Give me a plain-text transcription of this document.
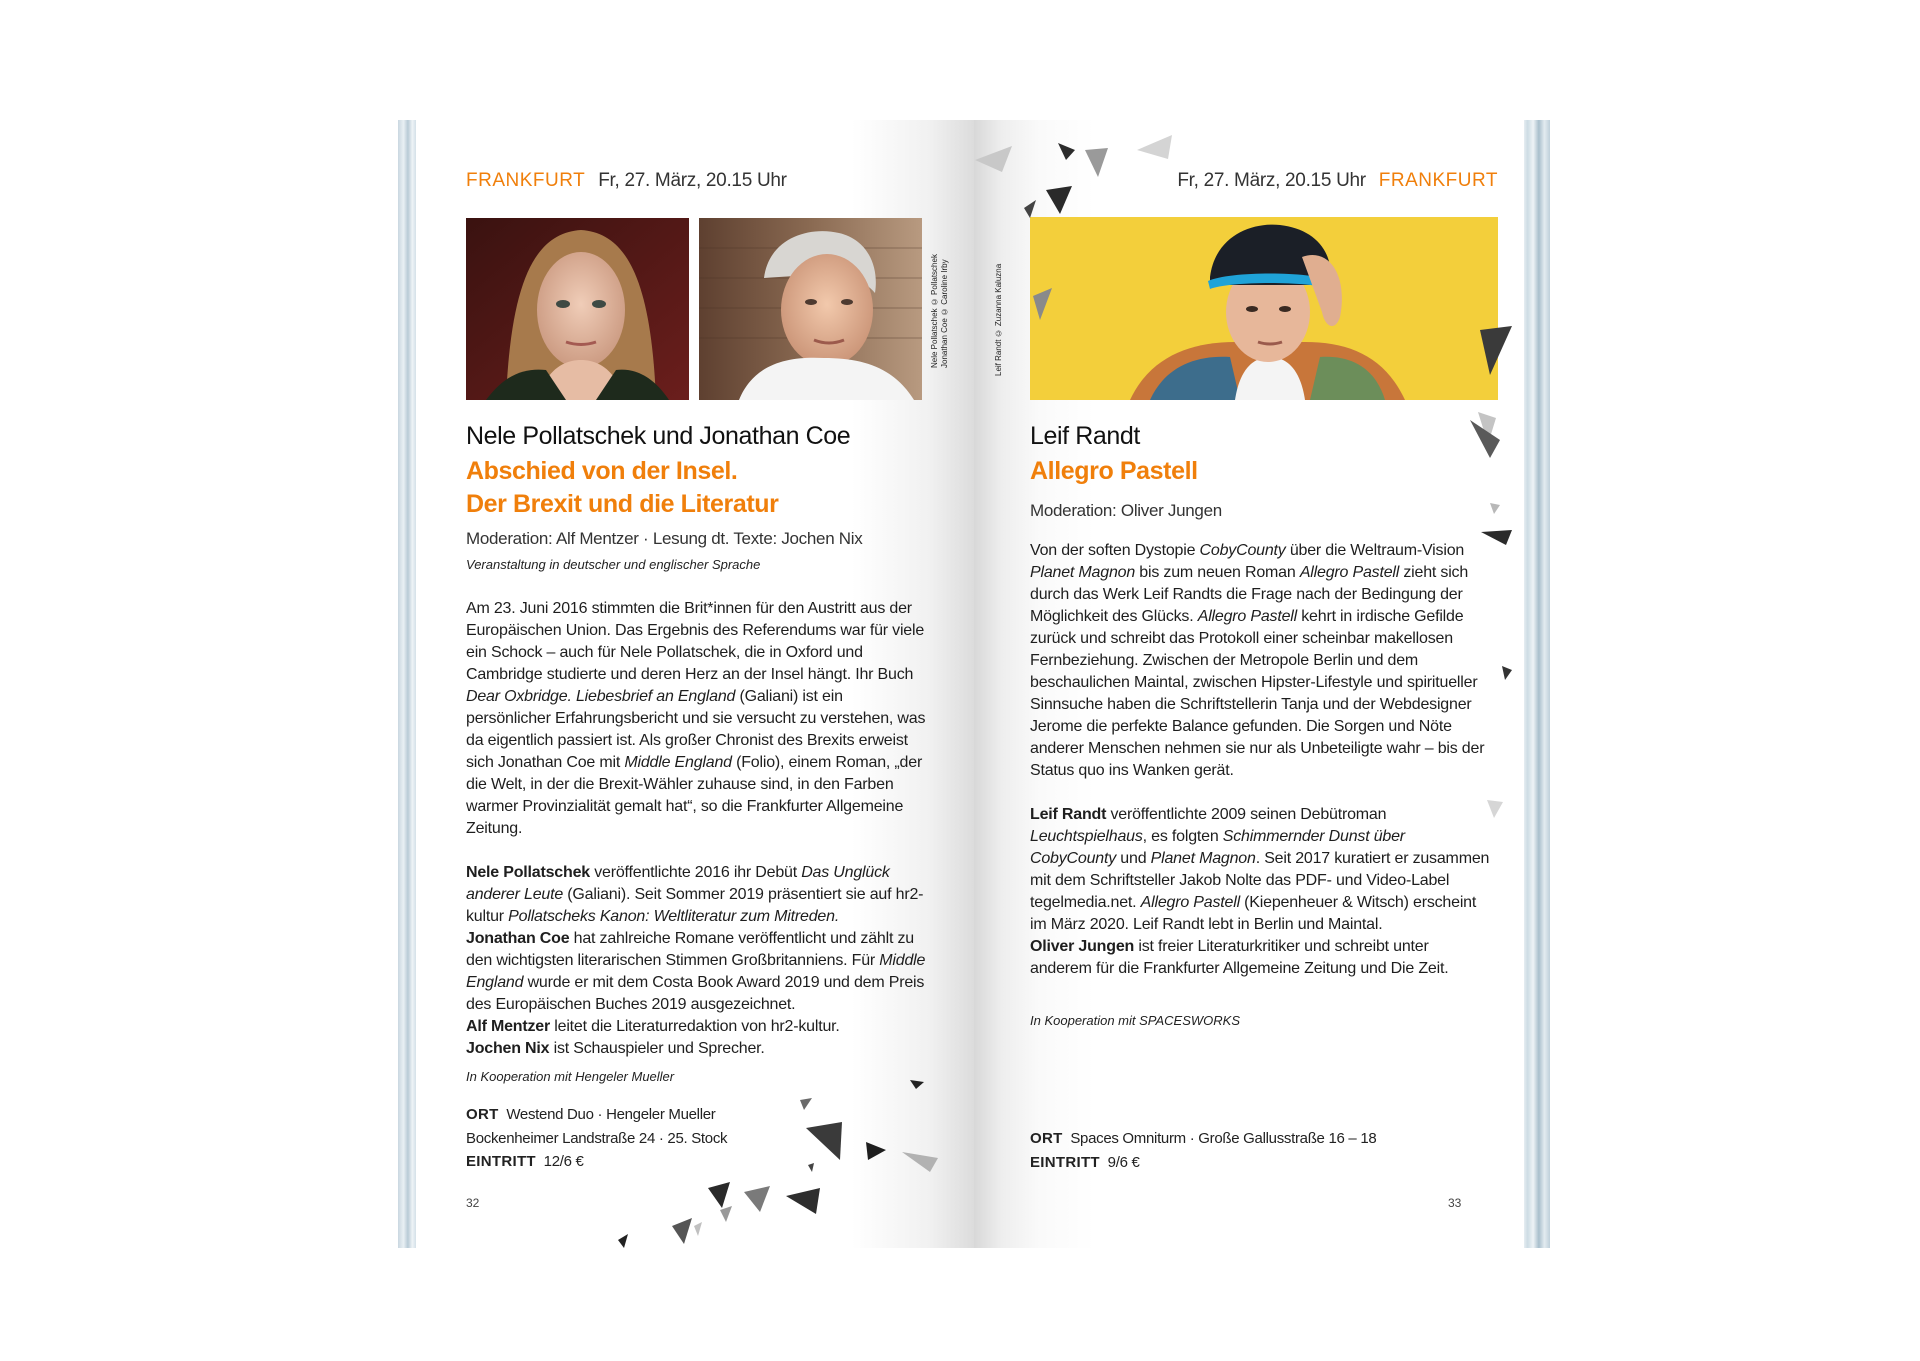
FRANKFURT Fr, 27. März, 20.15 Uhr
Nele Pollatschek © Pollatschek
Jonathan Coe © Caroline Irby
Nele Pollatschek und Jonathan Coe
Abschied von der Insel.
Der Brexit und die Literatur
Moderation: Alf Mentzer · Lesung dt. Texte: Jochen Nix
Veranstaltung in deutscher und englischer Sprache

Am 23. Juni 2016 stimmten die Brit*innen für den Austritt aus der Europäischen Union. Das Ergebnis des Referendums war für viele ein Schock – auch für Nele Pollatschek, die in Oxford und Cambridge studierte und deren Herz an der Insel hängt. Ihr Buch Dear Oxbridge. Liebesbrief an England (Galiani) ist ein persönlicher Erfahrungsbericht und sie versucht zu verstehen, was da eigentlich passiert ist. Als großer Chronist des Brexits erweist sich Jonathan Coe mit Middle England (Folio), einem Roman, „der die Welt, in der die Brexit-Wähler zuhause sind, in den Farben warmer Provinzialität gemalt hat“, so die Frankfurter Allgemeine Zeitung.

Nele Pollatschek veröffentlichte 2016 ihr Debüt Das Unglück anderer Leute (Galiani). Seit Sommer 2019 präsentiert sie auf hr2-kultur Pollatscheks Kanon: Weltliteratur zum Mitreden.
Jonathan Coe hat zahlreiche Romane veröffentlicht und zählt zu den wichtigsten literarischen Stimmen Großbritanniens. Für Middle England wurde er mit dem Costa Book Award 2019 und dem Preis des Europäischen Buches 2019 ausgezeichnet.
Alf Mentzer leitet die Literaturredaktion von hr2-kultur.
Jochen Nix ist Schauspieler und Sprecher.

In Kooperation mit Hengeler Mueller
ORT Westend Duo · Hengeler Mueller
Bockenheimer Landstraße 24 · 25. Stock
EINTRITT 12/6 €
32
Fr, 27. März, 20.15 Uhr FRANKFURT
Leif Randt © Zuzanna Kaluzna
Leif Randt
Allegro Pastell
Moderation: Oliver Jungen

Von der soften Dystopie CobyCounty über die Weltraum-Vision Planet Magnon bis zum neuen Roman Allegro Pastell zieht sich durch das Werk Leif Randts die Frage nach der Bedingung der Möglichkeit des Glücks. Allegro Pastell kehrt in irdische Gefilde zurück und schreibt das Protokoll einer scheinbar makellosen Fernbeziehung. Zwischen der Metropole Berlin und dem beschaulichen Maintal, zwischen Hipster-Lifestyle und spiritueller Sinnsuche haben die Schriftstellerin Tanja und der Webdesigner Jerome die perfekte Balance gefunden. Die Sorgen und Nöte anderer Menschen nehmen sie nur als Unbeteiligte wahr – bis der Status quo ins Wanken gerät.

Leif Randt veröffentlichte 2009 seinen Debütroman Leuchtspielhaus, es folgten Schimmernder Dunst über CobyCounty und Planet Magnon. Seit 2017 kuratiert er zusammen mit dem Schriftsteller Jakob Nolte das PDF- und Video-Label tegelmedia.net. Allegro Pastell (Kiepenheuer & Witsch) erscheint im März 2020. Leif Randt lebt in Berlin und Maintal.
Oliver Jungen ist freier Literaturkritiker und schreibt unter anderem für die Frankfurter Allgemeine Zeitung und Die Zeit.

In Kooperation mit SPACESWORKS
ORT Spaces Omniturm · Große Gallusstraße 16 – 18
EINTRITT 9/6 €
33
